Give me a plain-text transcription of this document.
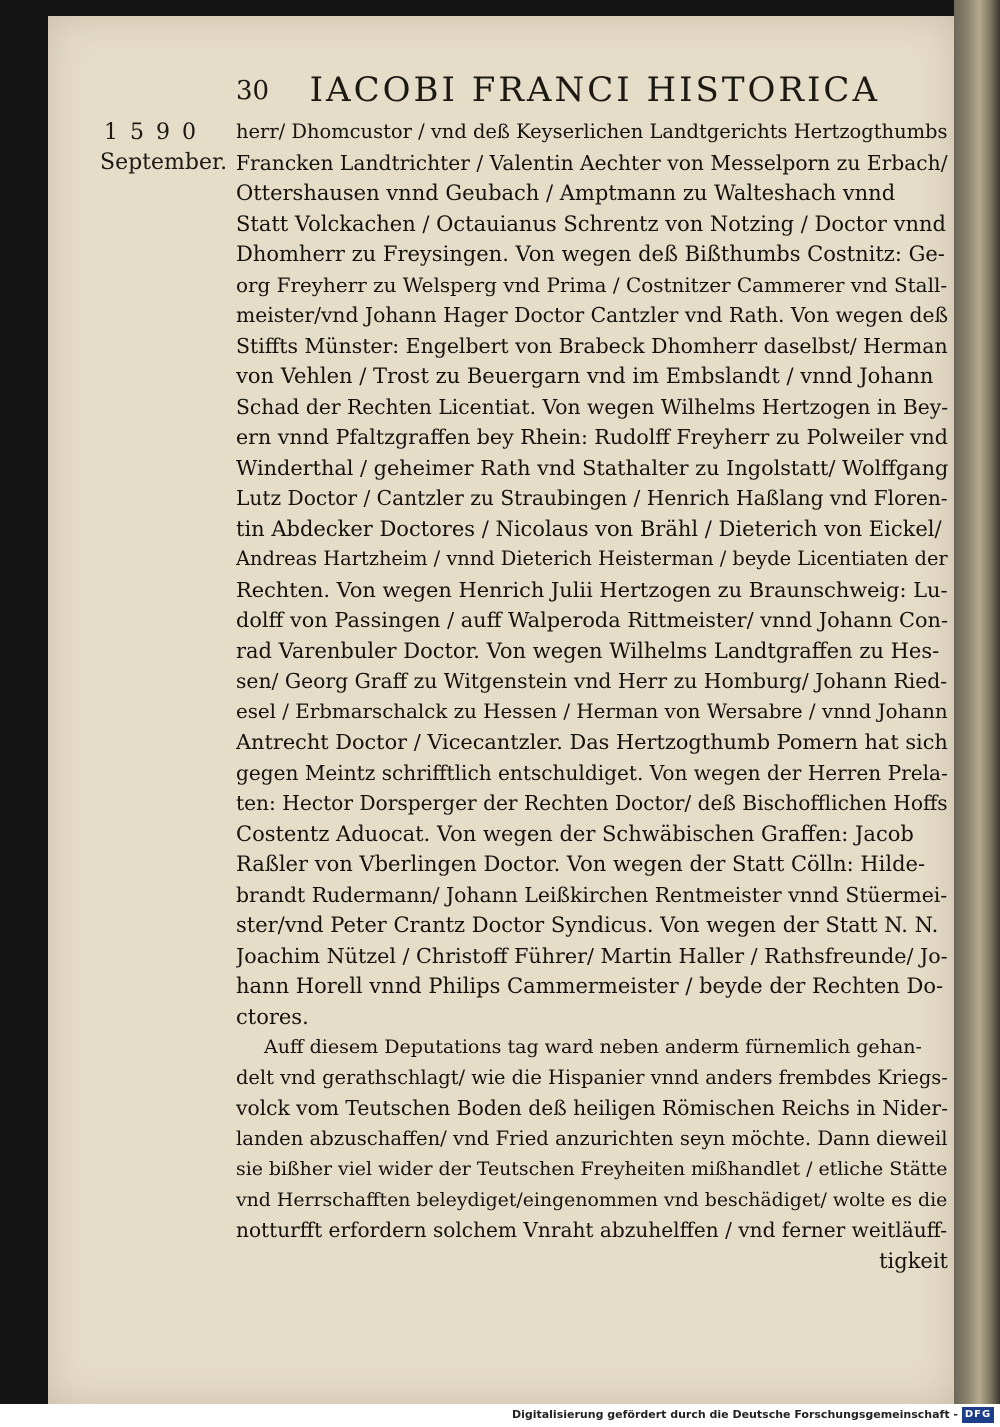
30 IACOBI FRANCI HISTORICA
1590
September.
herr/ Dhomcustor / vnd deß Keyserlichen Landtgerichts Hertzogthumbs
Francken Landtrichter / Valentin Aechter von Messelporn zu Erbach/
Ottershausen vnnd Geubach / Amptmann zu Walteshach vnnd
Statt Volckachen / Octauianus Schrentz von Notzing / Doctor vnnd
Dhomherr zu Freysingen. Von wegen deß Bißthumbs Costnitz: Ge-
org Freyherr zu Welsperg vnd Prima / Costnitzer Cammerer vnd Stall-
meister/vnd Johann Hager Doctor Cantzler vnd Rath. Von wegen deß
Stiffts Münster: Engelbert von Brabeck Dhomherr daselbst/ Herman
von Vehlen / Trost zu Beuergarn vnd im Embslandt / vnnd Johann
Schad der Rechten Licentiat. Von wegen Wilhelms Hertzogen in Bey-
ern vnnd Pfaltzgraffen bey Rhein: Rudolff Freyherr zu Polweiler vnd
Winderthal / geheimer Rath vnd Stathalter zu Ingolstatt/ Wolffgang
Lutz Doctor / Cantzler zu Straubingen / Henrich Haßlang vnd Floren-
tin Abdecker Doctores / Nicolaus von Brähl / Dieterich von Eickel/
Andreas Hartzheim / vnnd Dieterich Heisterman / beyde Licentiaten der
Rechten. Von wegen Henrich Julii Hertzogen zu Braunschweig: Lu-
dolff von Passingen / auff Walperoda Rittmeister/ vnnd Johann Con-
rad Varenbuler Doctor. Von wegen Wilhelms Landtgraffen zu Hes-
sen/ Georg Graff zu Witgenstein vnd Herr zu Homburg/ Johann Ried-
esel / Erbmarschalck zu Hessen / Herman von Wersabre / vnnd Johann
Antrecht Doctor / Vicecantzler. Das Hertzogthumb Pomern hat sich
gegen Meintz schrifftlich entschuldiget. Von wegen der Herren Prela-
ten: Hector Dorsperger der Rechten Doctor/ deß Bischofflichen Hoffs
Costentz Aduocat. Von wegen der Schwäbischen Graffen: Jacob
Raßler von Vberlingen Doctor. Von wegen der Statt Cölln: Hilde-
brandt Rudermann/ Johann Leißkirchen Rentmeister vnnd Stüermei-
ster/vnd Peter Crantz Doctor Syndicus. Von wegen der Statt N. N.
Joachim Nützel / Christoff Führer/ Martin Haller / Rathsfreunde/ Jo-
hann Horell vnnd Philips Cammermeister / beyde der Rechten Do-
ctores.
Auff diesem Deputations tag ward neben anderm fürnemlich gehan-
delt vnd gerathschlagt/ wie die Hispanier vnnd anders frembdes Kriegs-
volck vom Teutschen Boden deß heiligen Römischen Reichs in Nider-
landen abzuschaffen/ vnd Fried anzurichten seyn möchte. Dann dieweil
sie bißher viel wider der Teutschen Freyheiten mißhandlet / etliche Stätte
vnd Herrschafften beleydiget/eingenommen vnd beschädiget/ wolte es die
notturfft erfordern solchem Vnraht abzuhelffen / vnd ferner weitläuff-
tigkeit
Digitalisierung gefördert durch die Deutsche Forschungsgemeinschaft - DFG
